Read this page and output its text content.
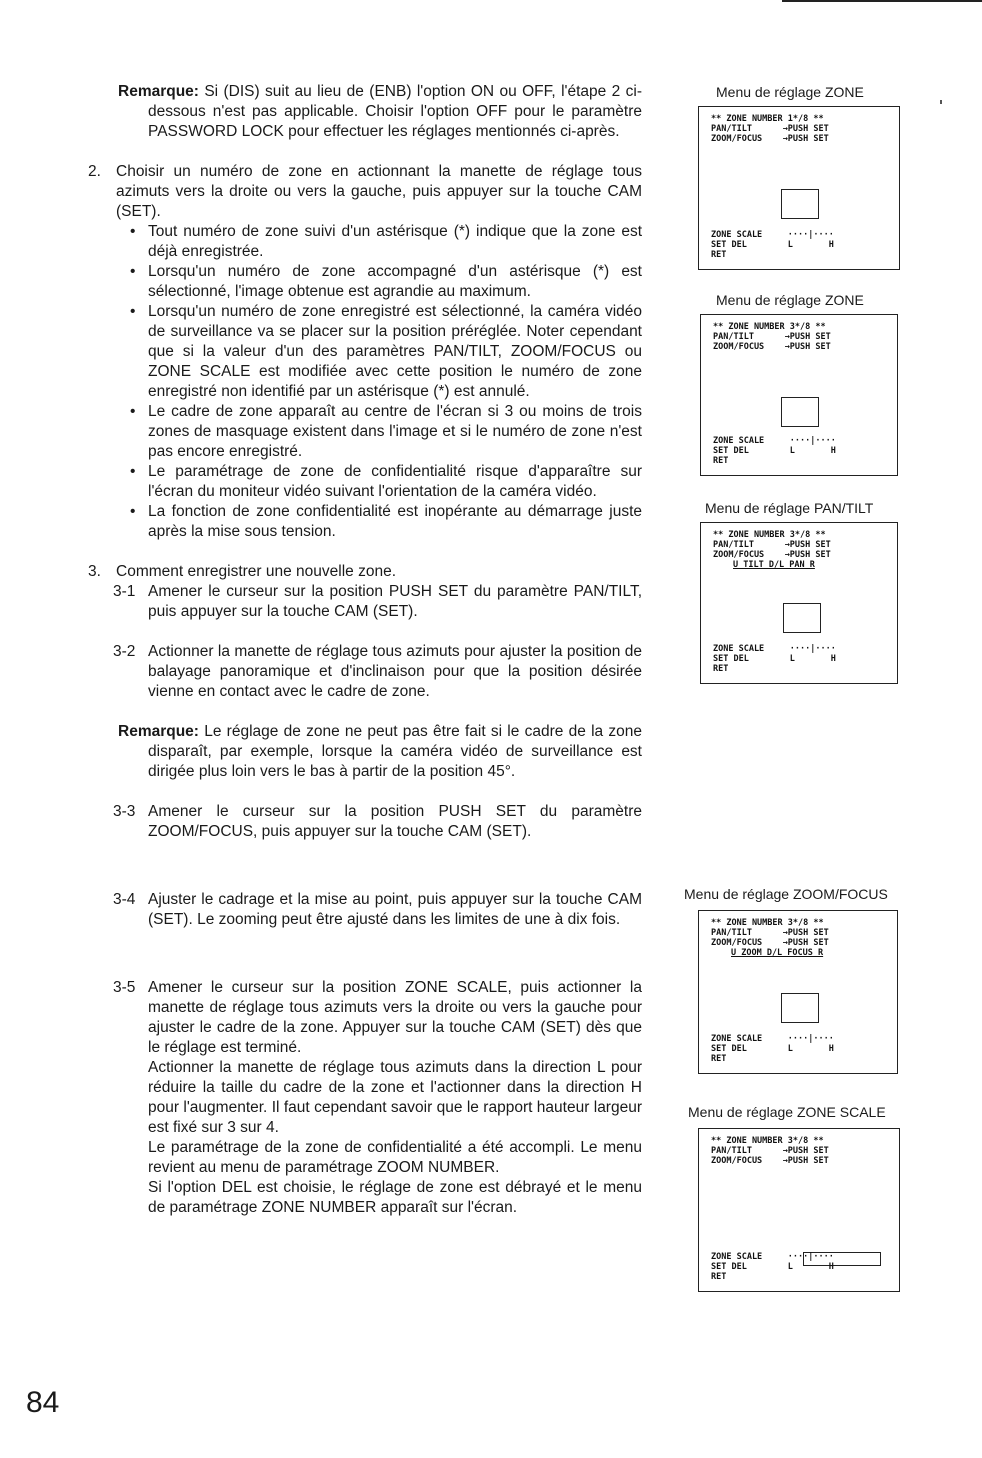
Remarque: Si (DIS) suit au lieu de (ENB) l'option ON ou OFF, l'étape 2 ci-dessous n'est pas applicable. Choisir l'option OFF pour le paramètre PASSWORD LOCK pour effectuer les réglages mentionnés ci-après.

2. Choisir un numéro de zone en actionnant la manette de réglage tous azimuts vers la droite ou vers la gauche, puis appuyer sur la touche CAM (SET).

• Tout numéro de zone suivi d'un astérisque (*) indique que la zone est déjà enregistrée.

• Lorsqu'un numéro de zone accompagné d'un astérisque (*) est sélectionné, l'image obtenue est agrandie au maximum.

• Lorsqu'un numéro de zone enregistré est sélectionné, la caméra vidéo de surveillance va se placer sur la position préréglée. Noter cependant que si la valeur d'un des paramètres PAN/TILT, ZOOM/FOCUS ou ZONE SCALE est modifiée avec cette position le numéro de zone enregistré non identifié par un astérisque (*) est annulé.

• Le cadre de zone apparaît au centre de l'écran si 3 ou moins de trois zones de masquage existent dans l'image et si le numéro de zone n'est pas encore enregistré.

• Le paramétrage de zone de confidentialité risque d'apparaître sur l'écran du moniteur vidéo suivant l'orientation de la caméra vidéo.

• La fonction de zone confidentialité est inopérante au démarrage juste après la mise sous tension.

3. Comment enregistrer une nouvelle zone.

3-1 Amener le curseur sur la position PUSH SET du paramètre PAN/TILT, puis appuyer sur la touche CAM (SET).

3-2 Actionner la manette de réglage tous azimuts pour ajuster la position de balayage panoramique et d'inclinaison pour que la position désirée vienne en contact avec le cadre de zone.

Remarque: Le réglage de zone ne peut pas être fait si le cadre de la zone disparaît, par exemple, lorsque la caméra vidéo de surveillance est dirigée plus loin vers le bas à partir de la position 45°.

3-3 Amener le curseur sur la position PUSH SET du paramètre ZOOM/FOCUS, puis appuyer sur la touche CAM (SET).

3-4 Ajuster le cadrage et la mise au point, puis appuyer sur la touche CAM (SET). Le zooming peut être ajusté dans les limites de une à dix fois.

3-5 Amener le curseur sur la position ZONE SCALE, puis actionner la manette de réglage tous azimuts vers la droite ou vers la gauche pour ajuster le cadre de la zone. Appuyer sur la touche CAM (SET) dès que le réglage est terminé.

Actionner la manette de réglage tous azimuts dans la direction L pour réduire la taille du cadre de la zone et l'actionner dans la direction H pour l'augmenter. Il faut cependant savoir que le rapport hauteur largeur est fixé sur 3 sur 4.

Le paramétrage de la zone de confidentialité a été accompli. Le menu revient au menu de paramétrage ZOOM NUMBER.

Si l'option DEL est choisie, le réglage de zone est débrayé et le menu de paramétrage ZONE NUMBER apparaît sur l'écran.

Menu de réglage ZONE
** ZONE NUMBER 1*/8 **
PAN/TILT      →PUSH SET
ZOOM/FOCUS    →PUSH SET
ZONE SCALE     ····|····
SET DEL        L       H
RET
Menu de réglage ZONE
** ZONE NUMBER 3*/8 **
PAN/TILT      →PUSH SET
ZOOM/FOCUS    →PUSH SET
ZONE SCALE     ····|····
SET DEL        L       H
RET
Menu de réglage PAN/TILT
** ZONE NUMBER 3*/8 **
PAN/TILT      →PUSH SET
ZOOM/FOCUS    →PUSH SET
U TILT D/L PAN R
ZONE SCALE     ····|····
SET DEL        L       H
RET
Menu de réglage ZOOM/FOCUS
** ZONE NUMBER 3*/8 **
PAN/TILT      →PUSH SET
ZOOM/FOCUS    →PUSH SET
U ZOOM D/L FOCUS R
ZONE SCALE     ····|····
SET DEL        L       H
RET
Menu de réglage ZONE SCALE
** ZONE NUMBER 3*/8 **
PAN/TILT      →PUSH SET
ZOOM/FOCUS    →PUSH SET
ZONE SCALE     ····|····
SET DEL        L       H
RET
84
